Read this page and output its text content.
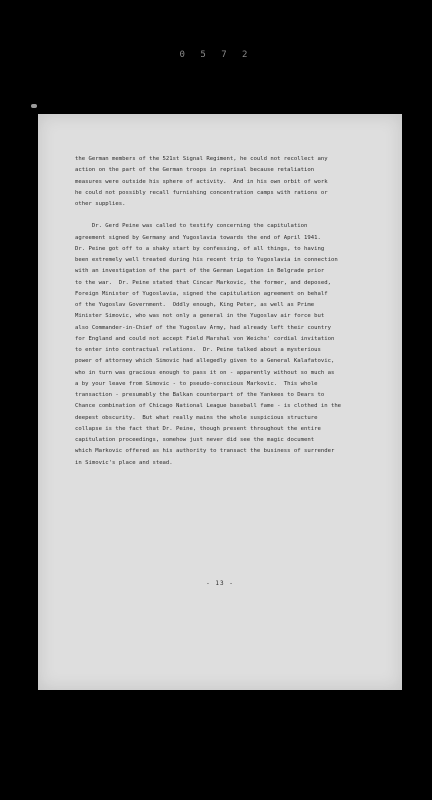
0 5 7 2

the German members of the 521st Signal Regiment, he could not recollect any

action on the part of the German troops in reprisal because retaliation

measures were outside his sphere of activity.  And in his own orbit of work

he could not possibly recall furnishing concentration camps with rations or

other supplies.

Dr. Gerd Peine was called to testify concerning the capitulation

agreement signed by Germany and Yugoslavia towards the end of April 1941.

Dr. Peine got off to a shaky start by confessing, of all things, to having

been extremely well treated during his recent trip to Yugoslavia in connection

with an investigation of the part of the German Legation in Belgrade prior

to the war.  Dr. Peine stated that Cincar Markovic, the former, and deposed,

Foreign Minister of Yugoslavia, signed the capitulation agreement on behalf

of the Yugoslav Government.  Oddly enough, King Peter, as well as Prime

Minister Simovic, who was not only a general in the Yugoslav air force but

also Commander-in-Chief of the Yugoslav Army, had already left their country

for England and could not accept Field Marshal von Weichs' cordial invitation

to enter into contractual relations.  Dr. Peine talked about a mysterious

power of attorney which Simovic had allegedly given to a General Kalafatovic,

who in turn was gracious enough to pass it on - apparently without so much as

a by your leave from Simovic - to pseudo-conscious Markovic.  This whole

transaction - presumably the Balkan counterpart of the Yankees to Dears to

Chance combination of Chicago National League baseball fame - is clothed in the

deepest obscurity.  But what really mains the whole suspicious structure

collapse is the fact that Dr. Peine, though present throughout the entire

capitulation proceedings, somehow just never did see the magic document

which Markovic offered as his authority to transact the business of surrender

in Simovic's place and stead.

- 13 -
